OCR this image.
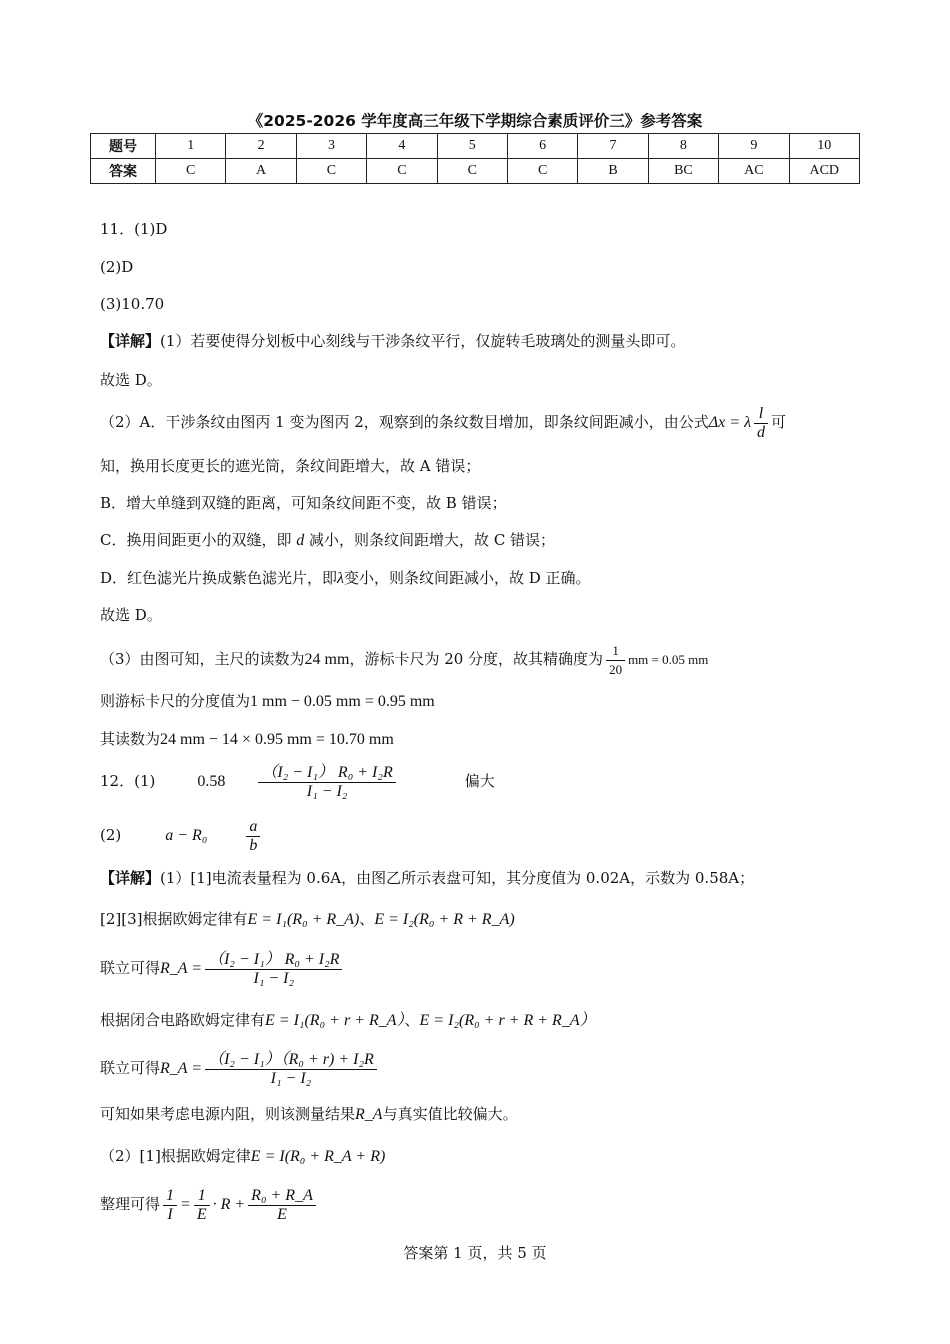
《2025-2026 学年度高三年级下学期综合素质评价三》参考答案
题号	1	2	3	4	5	6	7	8	9	10
答案	C	A	C	C	C	C	B	BC	AC	ACD
11．(1)D
(2)D
(3)10.70
【详解】(1）若要使得分划板中心刻线与干涉条纹平行，仅旋转毛玻璃处的测量头即可。
故选 D。
（2）A．干涉条纹由图丙 1 变为图丙 2，观察到的条纹数目增加，即条纹间距减小，由公式Δx = λ $\frac{l}{d}$ 可
知，换用长度更长的遮光筒，条纹间距增大，故 A 错误；
B．增大单缝到双缝的距离，可知条纹间距不变，故 B 错误；
C．换用间距更小的双缝，即 d 减小，则条纹间距增大，故 C 错误；
D．红色滤光片换成紫色滤光片，即λ变小，则条纹间距减小，故 D 正确。
故选 D。
（3）由图可知，主尺的读数为24 mm，游标卡尺为 20 分度，故其精确度为 $\frac{1}{20}$ mm = 0.05 mm
则游标卡尺的分度值为1 mm − 0.05 mm = 0.95 mm
其读数为24 mm − 14 × 0.95 mm = 10.70 mm
12．(1)	$0.58 \frac{\text{（I₂ − I₁） R₀ + I₂R}}{\text{I₁ − I₂}}$	偏大
(2)	$a - R_0 \frac{a}{b}$
【详解】(1）[1]电流表量程为 0.6A，由图乙所示表盘可知，其分度值为 0.02A，示数为 0.58A；
[2][3]根据欧姆定律有E = I₁(R₀ + R_A)、E = I₂(R₀ + R + R_A)
联立可得R_A = $\frac{\text{（I₂ − I₁） R₀ + I₂R}}{\text{I₁ − I₂}}$
根据闭合电路欧姆定律有E = I₁(R₀ + r + R_A）、E = I₂(R₀ + r + R + R_A）
联立可得R_A = $\frac{\text{（I₂ − I₁）（R₀ + r) + I₂R}}{\text{I₁ − I₂}}$
可知如果考虑电源内阻，则该测量结果R_A与真实值比较偏大。
（2）[1]根据欧姆定律E = I(R₀ + R_A + R)
整理可得 $\frac{1}{I} = \frac{1}{E} \cdot R + \frac{\text{R₀ + R\_A}}{E}$
答案第 1 页，共 5 页
